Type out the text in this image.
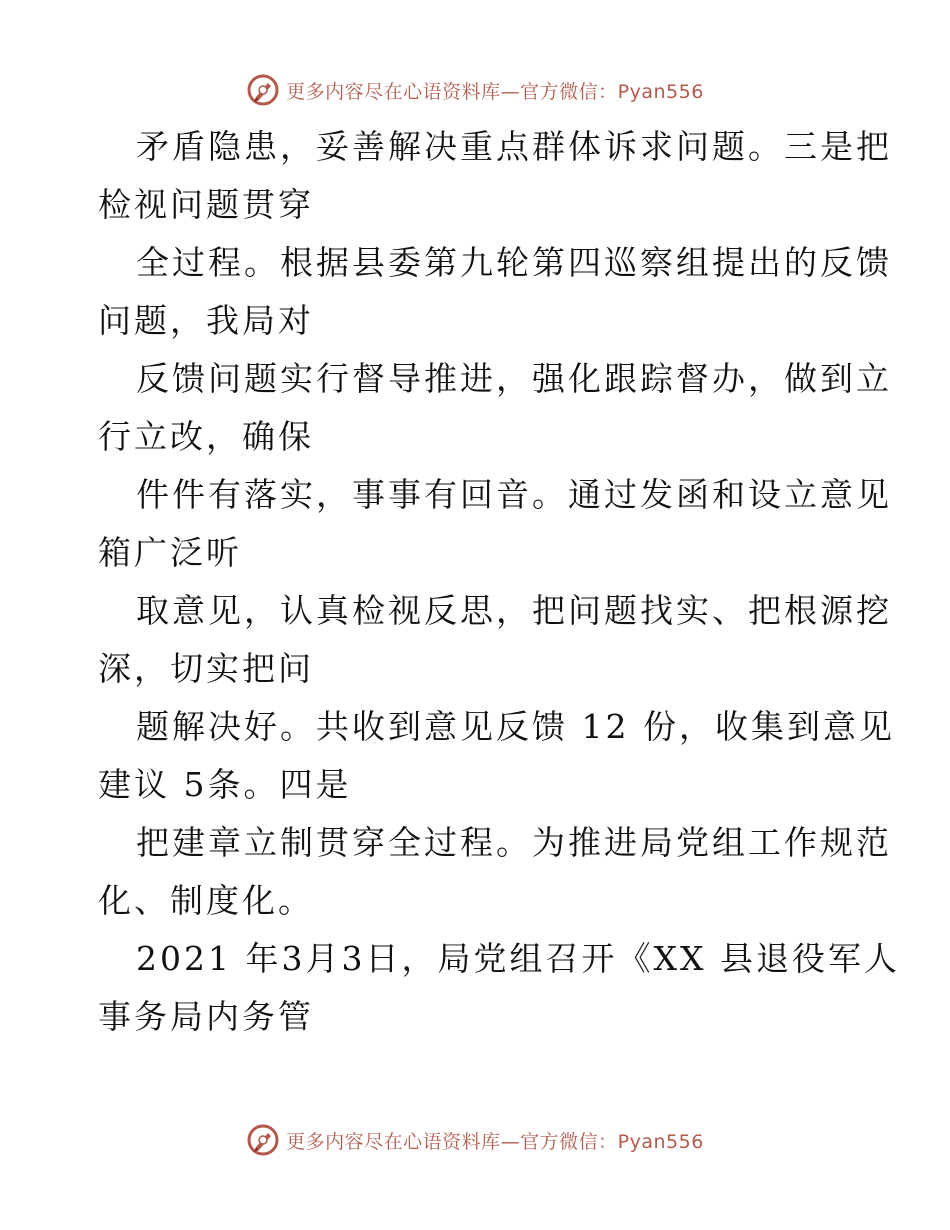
更多内容尽在心语资料库—官方微信：Pyan556

矛盾隐患，妥善解决重点群体诉求问题。三是把

检视问题贯穿

全过程。根据县委第九轮第四巡察组提出的反馈

问题，我局对

反馈问题实行督导推进，强化跟踪督办，做到立

行立改，确保

件件有落实，事事有回音。通过发函和设立意见

箱广泛听

取意见，认真检视反思，把问题找实、把根源挖

深，切实把问

题解决好。共收到意见反馈 12 份，收集到意见

建议 5条。四是

把建章立制贯穿全过程。为推进局党组工作规范

化、制度化。

2021 年3月3日，局党组召开《XX 县退役军人

事务局内务管

更多内容尽在心语资料库—官方微信：Pyan556
